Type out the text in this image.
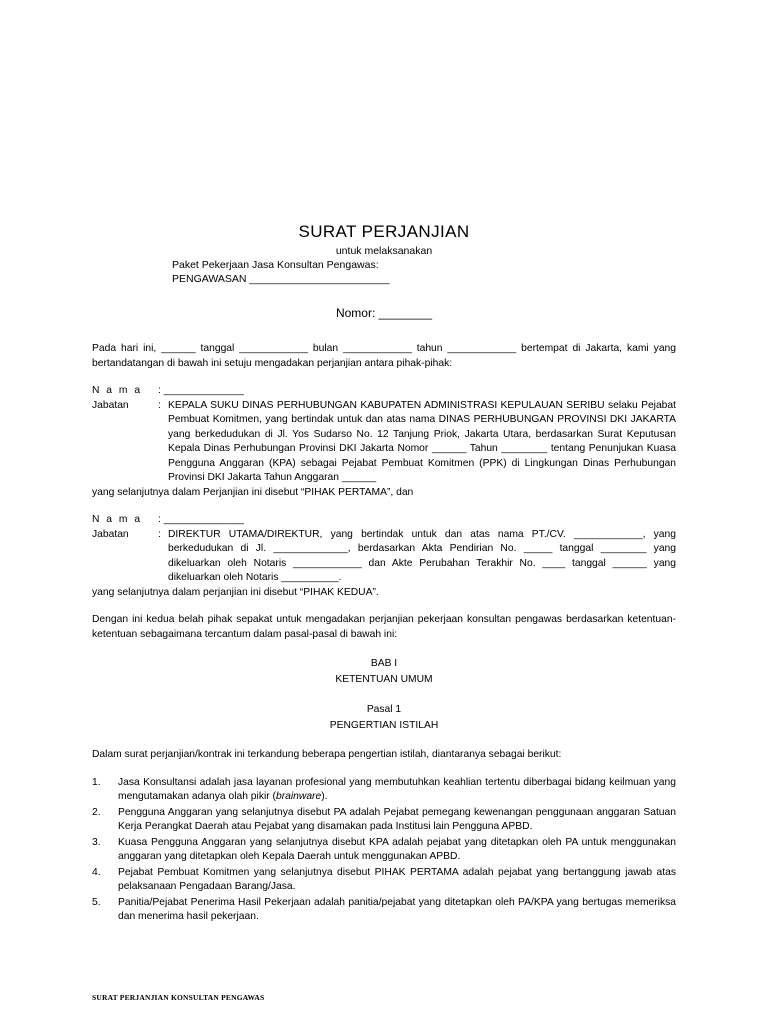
SURAT PERJANJIAN
untuk melaksanakan
Paket Pekerjaan Jasa Konsultan Pengawas:
PENGAWASAN ________________________
Nomor: ________

Pada hari ini, ______ tanggal ____________ bulan ____________ tahun ____________ bertempat di Jakarta, kami yang bertandatangan di bawah ini setuju mengadakan perjanjian antara pihak-pihak:

N a m a	: ______________	
Jabatan	:	KEPALA SUKU DINAS PERHUBUNGAN KABUPATEN ADMINISTRASI KEPULAUAN SERIBU selaku Pejabat Pembuat Komitmen, yang bertindak untuk dan atas nama DINAS PERHUBUNGAN PROVINSI DKI JAKARTA yang berkedudukan di Jl. Yos Sudarso No. 12 Tanjung Priok, Jakarta Utara, berdasarkan Surat Keputusan Kepala Dinas Perhubungan Provinsi DKI Jakarta Nomor ______ Tahun ________ tentang Penunjukan Kuasa Pengguna Anggaran (KPA) sebagai Pejabat Pembuat Komitmen (PPK) di Lingkungan Dinas Perhubungan Provinsi DKI Jakarta Tahun Anggaran ______

yang selanjutnya dalam Perjanjian ini disebut “PIHAK PERTAMA”, dan

N a m a	: ______________	
Jabatan	:	DIREKTUR UTAMA/DIREKTUR, yang bertindak untuk dan atas nama PT./CV. ____________, yang berkedudukan di Jl. _____________, berdasarkan Akta Pendirian No. _____ tanggal ________ yang dikeluarkan oleh Notaris ____________ dan Akte Perubahan Terakhir No. ____ tanggal ______ yang dikeluarkan oleh Notaris __________.

yang selanjutnya dalam perjanjian ini disebut “PIHAK KEDUA”.

Dengan ini kedua belah pihak sepakat untuk mengadakan perjanjian pekerjaan konsultan pengawas berdasarkan ketentuan-ketentuan sebagaimana tercantum dalam pasal-pasal di bawah ini:

BAB I
KETENTUAN UMUM
Pasal 1
PENGERTIAN ISTILAH

Dalam surat perjanjian/kontrak ini terkandung beberapa pengertian istilah, diantaranya sebagai berikut:

1. Jasa Konsultansi adalah jasa layanan profesional yang membutuhkan keahlian tertentu diberbagai bidang keilmuan yang mengutamakan adanya olah pikir (brainware).
2. Pengguna Anggaran yang selanjutnya disebut PA adalah Pejabat pemegang kewenangan penggunaan anggaran Satuan Kerja Perangkat Daerah atau Pejabat yang disamakan pada Institusi lain Pengguna APBD.
3. Kuasa Pengguna Anggaran yang selanjutnya disebut KPA adalah pejabat yang ditetapkan oleh PA untuk menggunakan anggaran yang ditetapkan oleh Kepala Daerah untuk menggunakan APBD.
4. Pejabat Pembuat Komitmen yang selanjutnya disebut PIHAK PERTAMA adalah pejabat yang bertanggung jawab atas pelaksanaan Pengadaan Barang/Jasa.
5. Panitia/Pejabat Penerima Hasil Pekerjaan adalah panitia/pejabat yang ditetapkan oleh PA/KPA yang bertugas memeriksa dan menerima hasil pekerjaan.
SURAT PERJANJIAN KONSULTAN PENGAWAS
